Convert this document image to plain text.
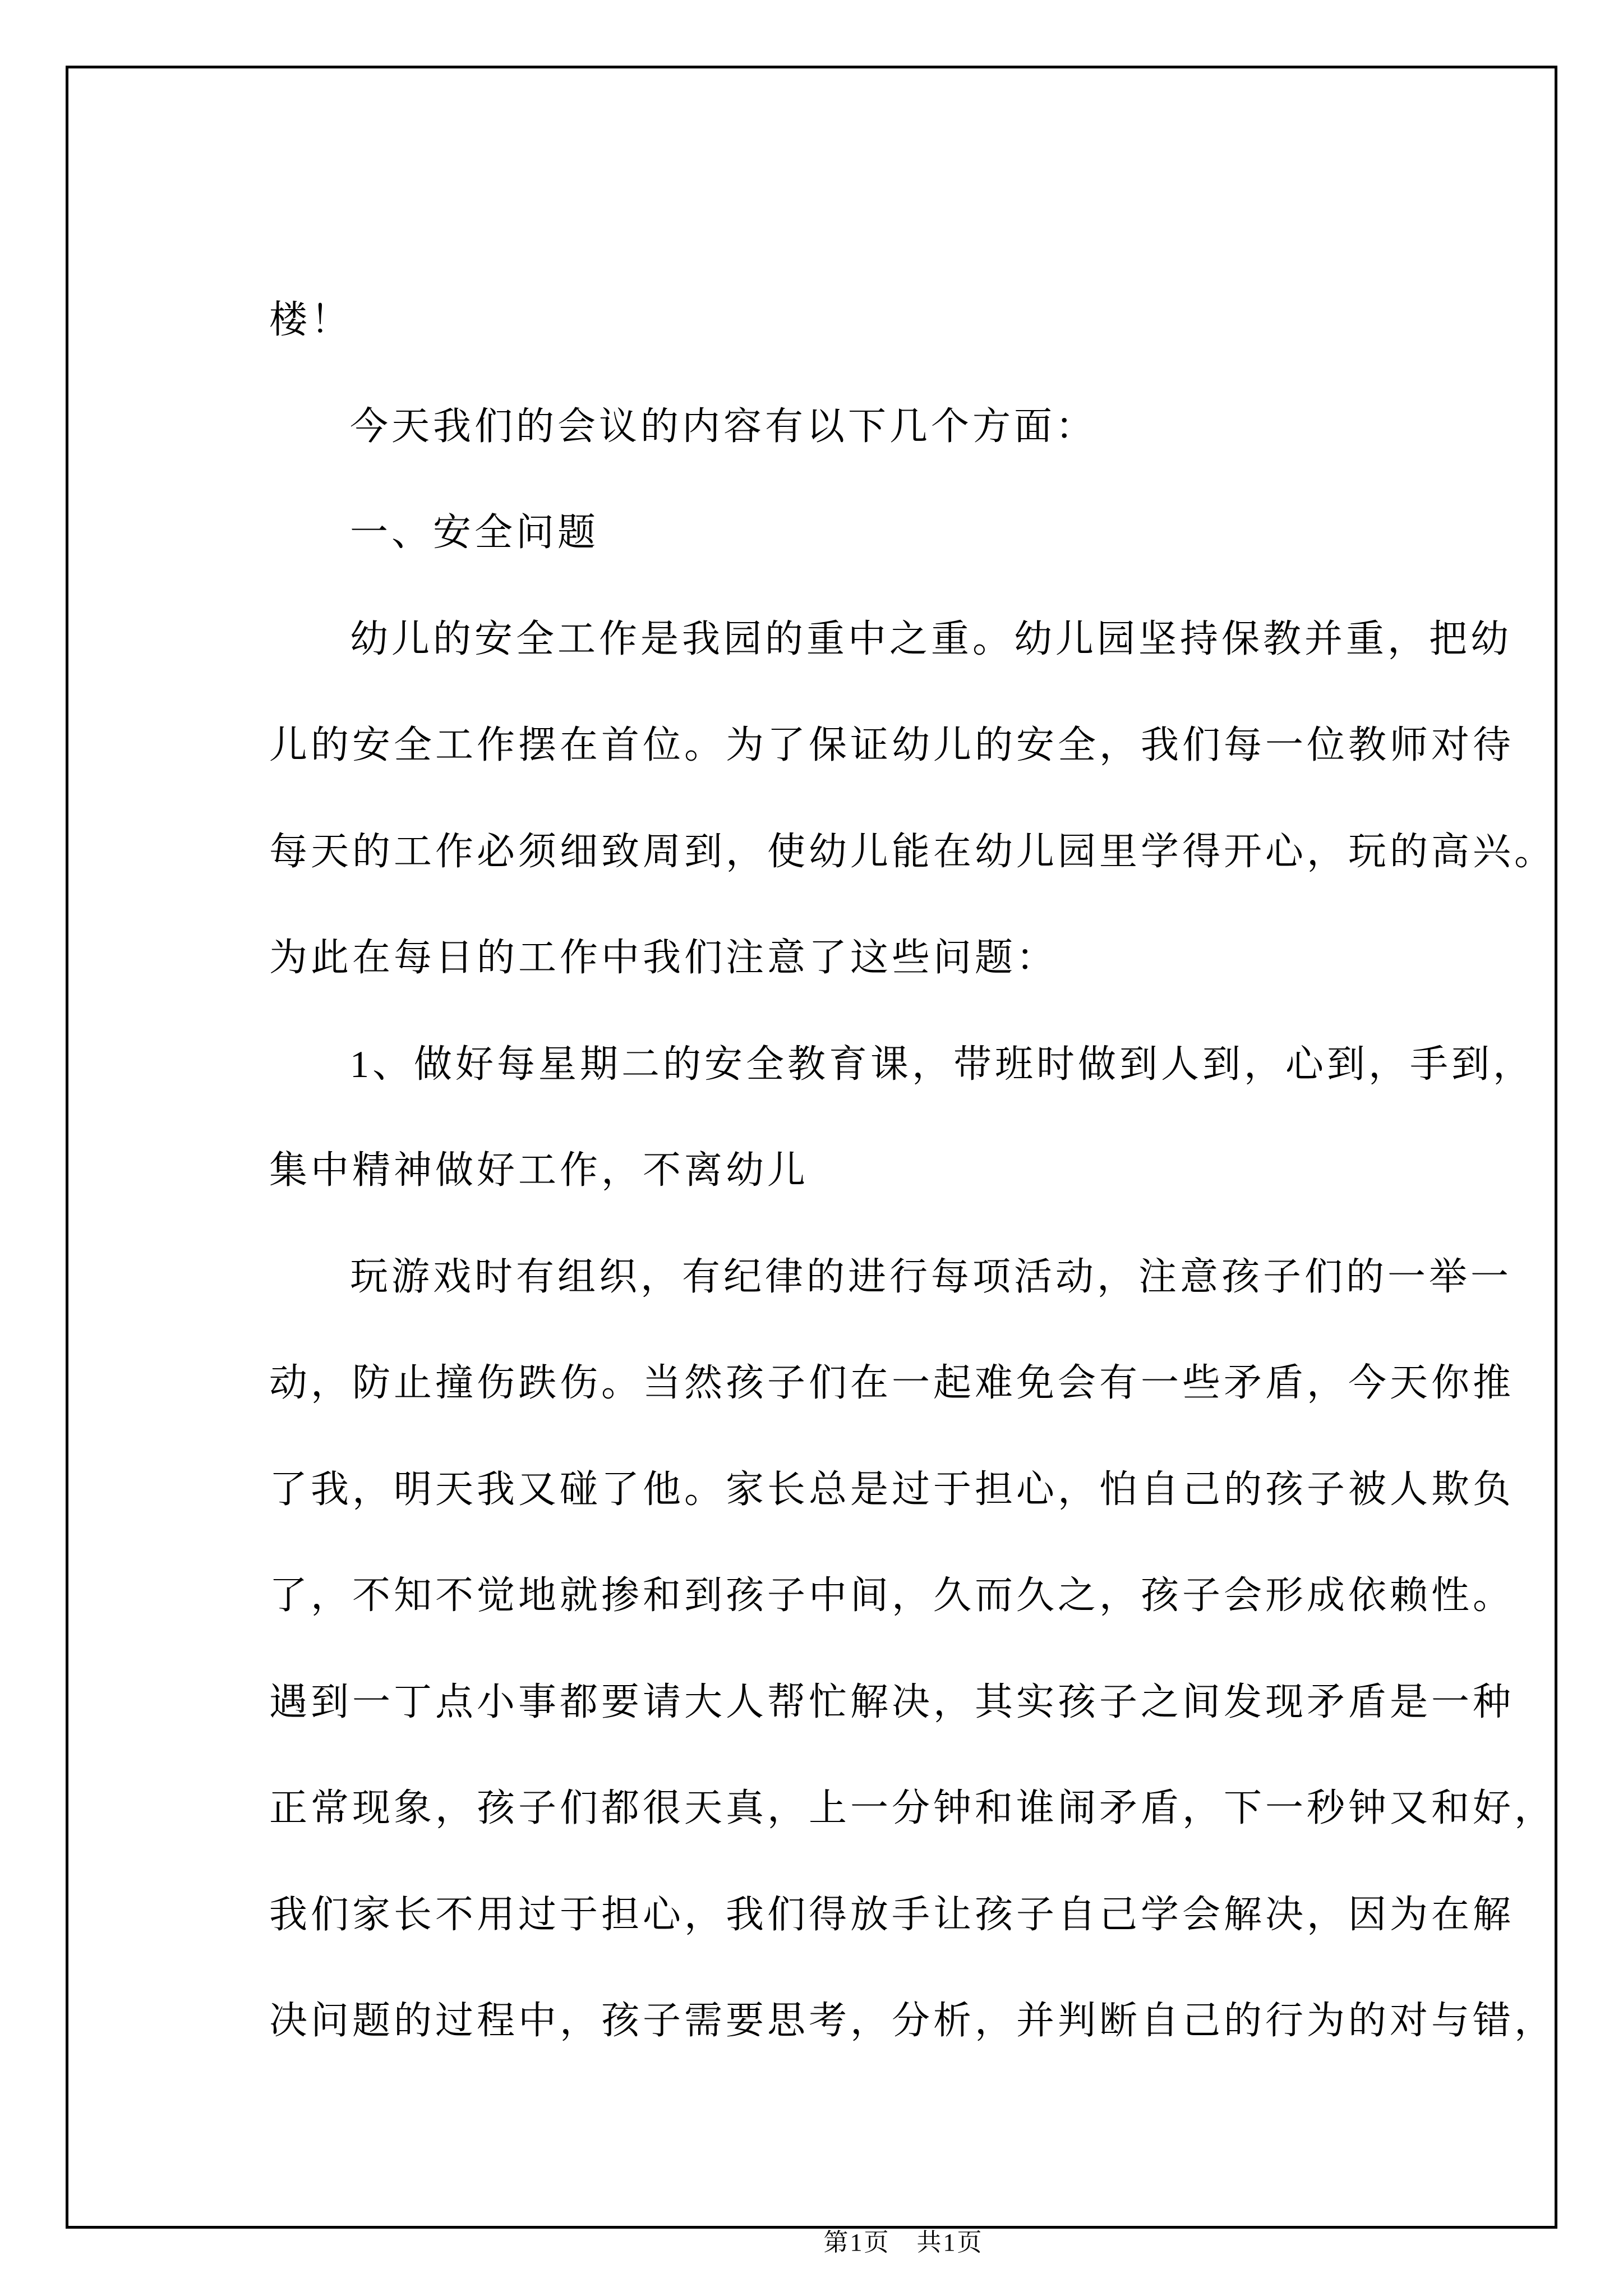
楼！
今天我们的会议的内容有以下几个方面：
一、安全问题
幼儿的安全工作是我园的重中之重。幼儿园坚持保教并重，把幼
儿的安全工作摆在首位。为了保证幼儿的安全，我们每一位教师对待
每天的工作必须细致周到，使幼儿能在幼儿园里学得开心，玩的高兴。
为此在每日的工作中我们注意了这些问题：
1、做好每星期二的安全教育课，带班时做到人到，心到，手到，
集中精神做好工作，不离幼儿
玩游戏时有组织，有纪律的进行每项活动，注意孩子们的一举一
动，防止撞伤跌伤。当然孩子们在一起难免会有一些矛盾，今天你推
了我，明天我又碰了他。家长总是过于担心，怕自己的孩子被人欺负
了，不知不觉地就掺和到孩子中间，久而久之，孩子会形成依赖性。
遇到一丁点小事都要请大人帮忙解决，其实孩子之间发现矛盾是一种
正常现象，孩子们都很天真，上一分钟和谁闹矛盾，下一秒钟又和好，
我们家长不用过于担心，我们得放手让孩子自己学会解决，因为在解
决问题的过程中，孩子需要思考，分析，并判断自己的行为的对与错，

第1页　共1页
